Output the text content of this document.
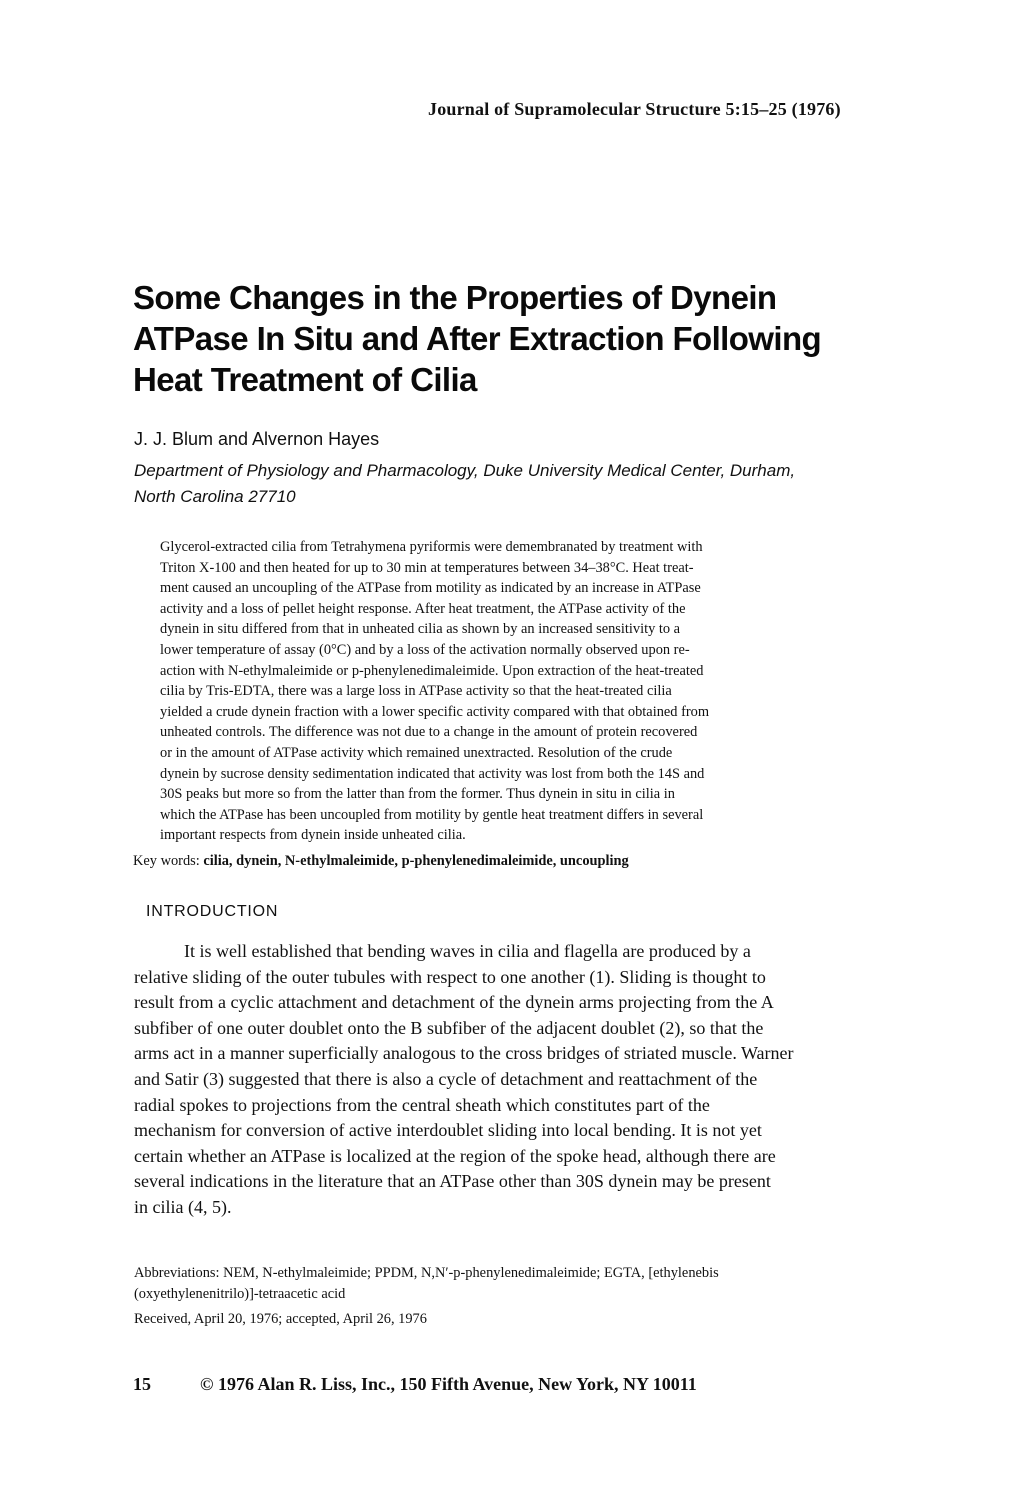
Journal of Supramolecular Structure 5:15–25 (1976)
Some Changes in the Properties of Dynein
ATPase In Situ and After Extraction Following
Heat Treatment of Cilia
J. J. Blum and Alvernon Hayes
Department of Physiology and Pharmacology, Duke University Medical Center, Durham,
North Carolina 27710
Glycerol-extracted cilia from Tetrahymena pyriformis were demembranated by treatment with
Triton X-100 and then heated for up to 30 min at temperatures between 34–38°C. Heat treat-
ment caused an uncoupling of the ATPase from motility as indicated by an increase in ATPase
activity and a loss of pellet height response. After heat treatment, the ATPase activity of the
dynein in situ differed from that in unheated cilia as shown by an increased sensitivity to a
lower temperature of assay (0°C) and by a loss of the activation normally observed upon re-
action with N-ethylmaleimide or p-phenylenedimaleimide. Upon extraction of the heat-treated
cilia by Tris-EDTA, there was a large loss in ATPase activity so that the heat-treated cilia
yielded a crude dynein fraction with a lower specific activity compared with that obtained from
unheated controls. The difference was not due to a change in the amount of protein recovered
or in the amount of ATPase activity which remained unextracted. Resolution of the crude
dynein by sucrose density sedimentation indicated that activity was lost from both the 14S and
30S peaks but more so from the latter than from the former. Thus dynein in situ in cilia in
which the ATPase has been uncoupled from motility by gentle heat treatment differs in several
important respects from dynein inside unheated cilia.
Key words: cilia, dynein, N-ethylmaleimide, p-phenylenedimaleimide, uncoupling
INTRODUCTION
It is well established that bending waves in cilia and flagella are produced by a
relative sliding of the outer tubules with respect to one another (1). Sliding is thought to
result from a cyclic attachment and detachment of the dynein arms projecting from the A
subfiber of one outer doublet onto the B subfiber of the adjacent doublet (2), so that the
arms act in a manner superficially analogous to the cross bridges of striated muscle. Warner
and Satir (3) suggested that there is also a cycle of detachment and reattachment of the
radial spokes to projections from the central sheath which constitutes part of the
mechanism for conversion of active interdoublet sliding into local bending. It is not yet
certain whether an ATPase is localized at the region of the spoke head, although there are
several indications in the literature that an ATPase other than 30S dynein may be present
in cilia (4, 5).
Abbreviations: NEM, N-ethylmaleimide; PPDM, N,N′-p-phenylenedimaleimide; EGTA, [ethylenebis
(oxyethylenenitrilo)]-tetraacetic acid
Received, April 20, 1976; accepted, April 26, 1976
15	© 1976 Alan R. Liss, Inc., 150 Fifth Avenue, New York, NY 10011
